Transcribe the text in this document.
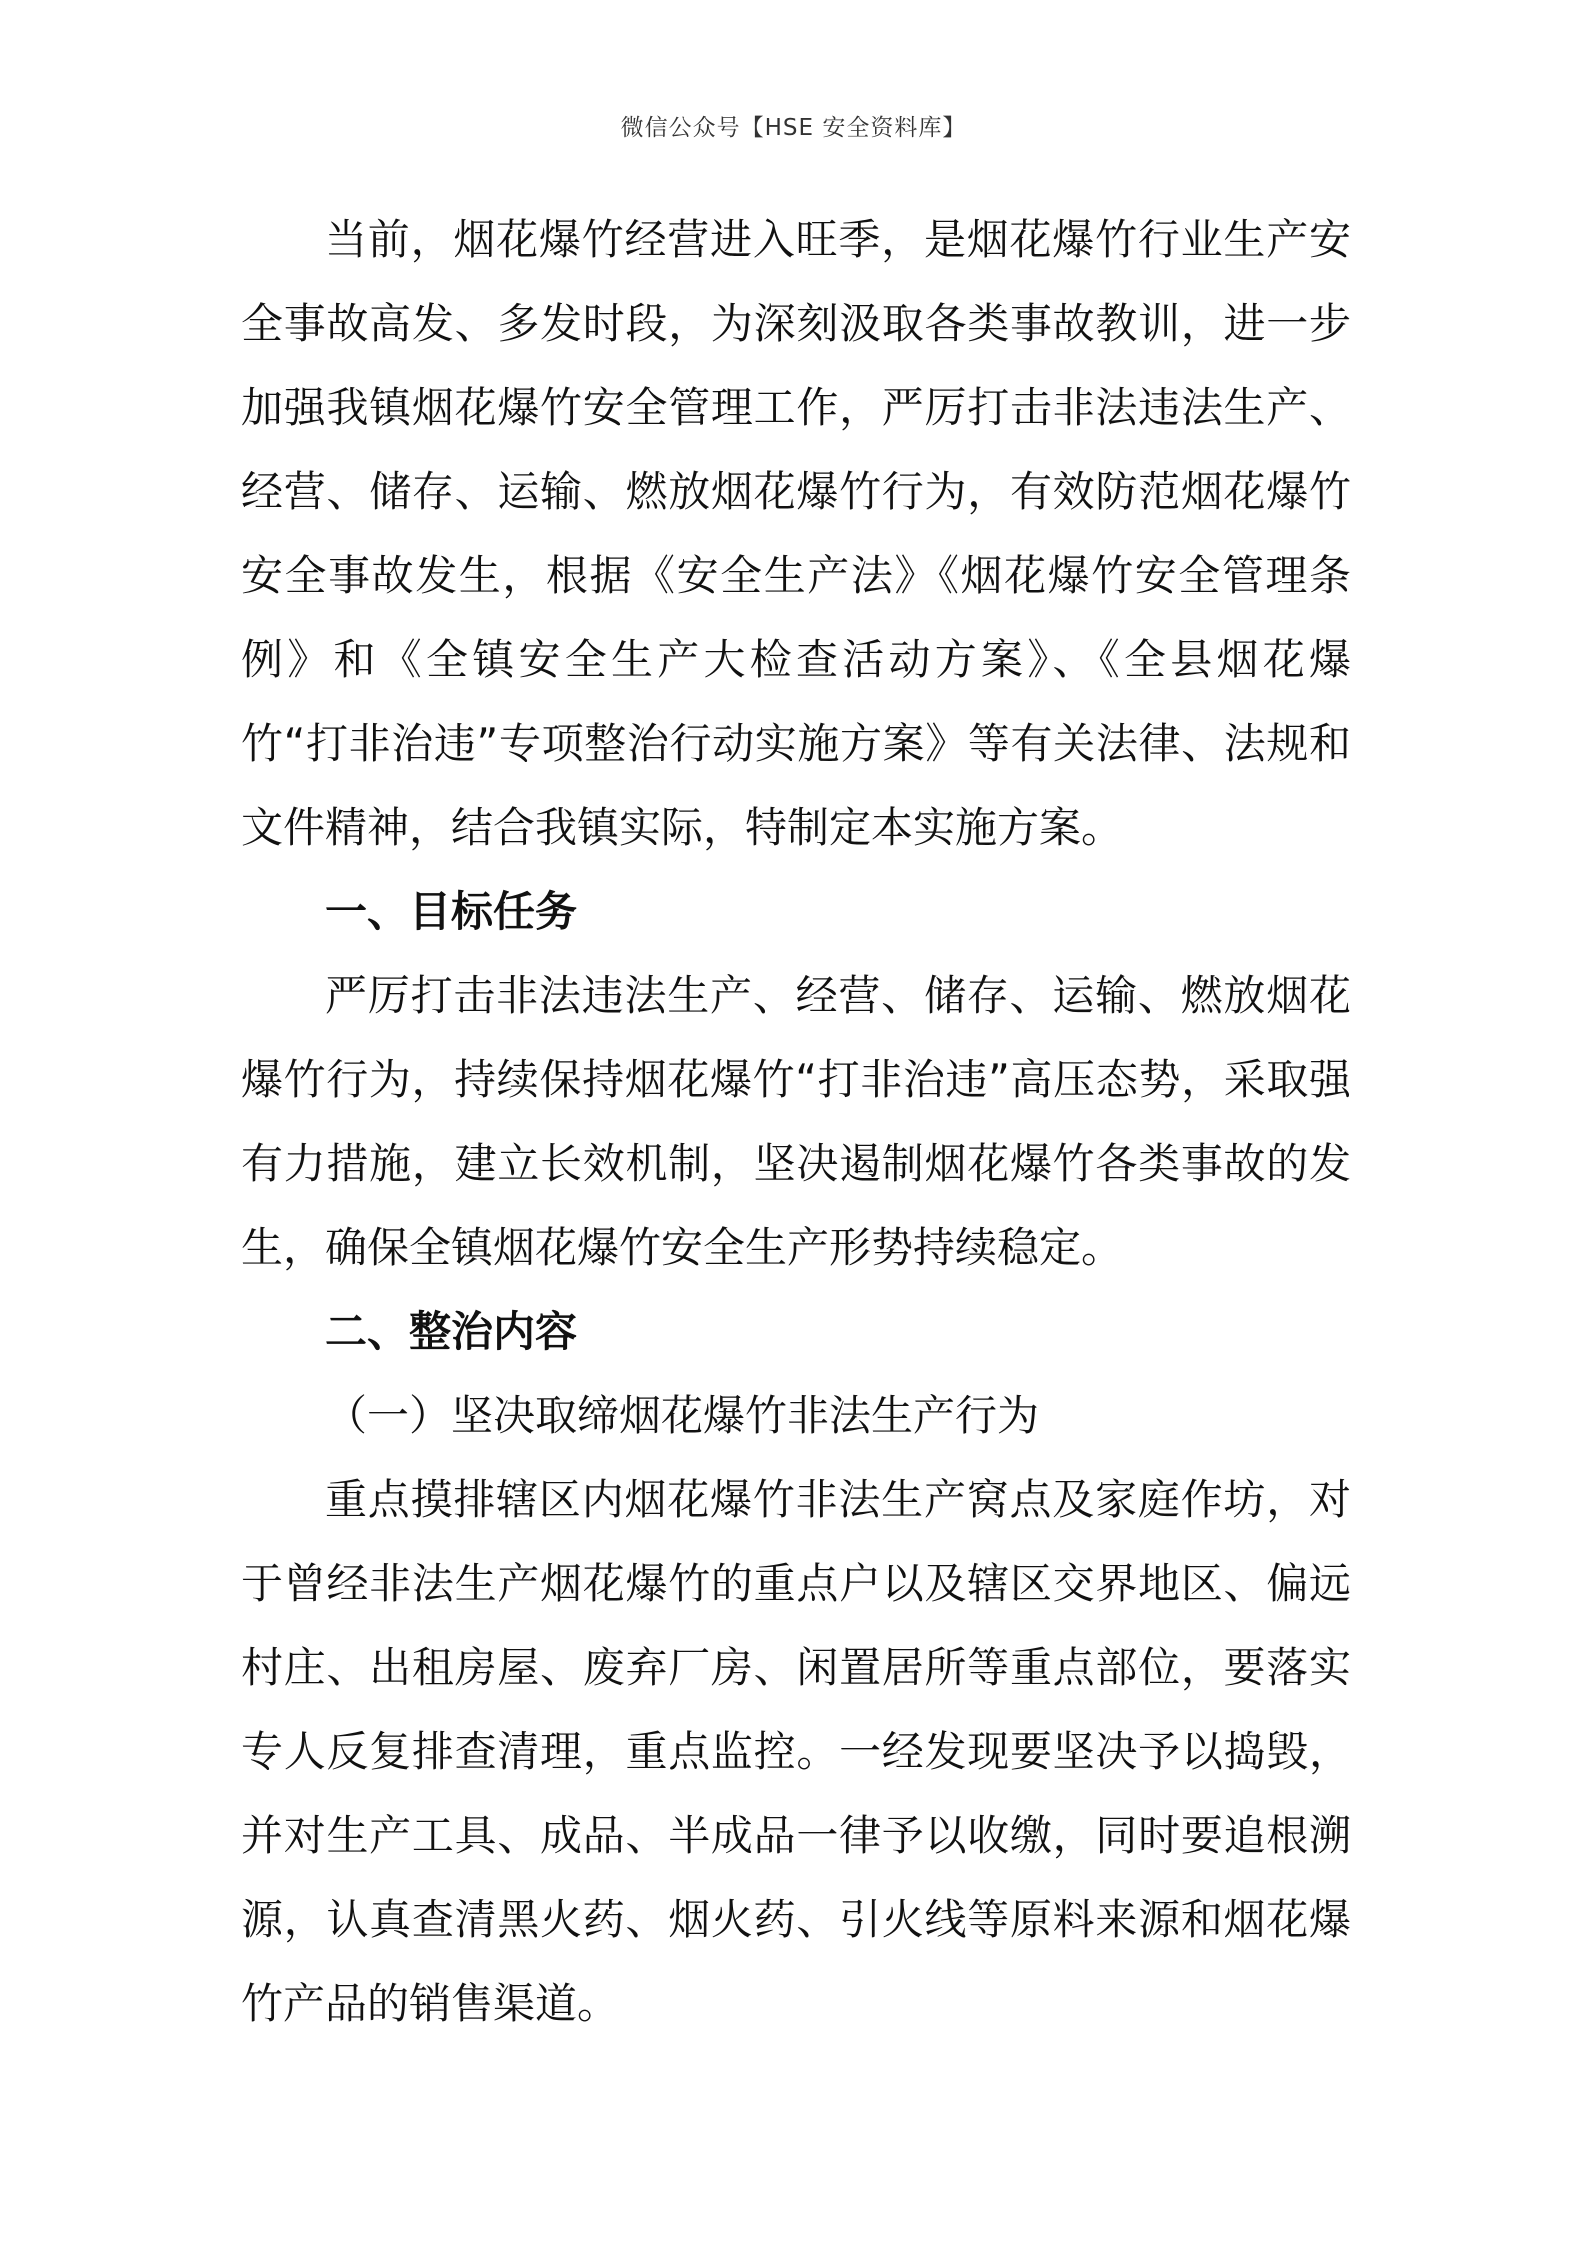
微信公众号【HSE 安全资料库】

当前，烟花爆竹经营进入旺季，是烟花爆竹行业生产安全事故高发、多发时段，为深刻汲取各类事故教训，进一步加强我镇烟花爆竹安全管理工作，严厉打击非法违法生产、经营、储存、运输、燃放烟花爆竹行为，有效防范烟花爆竹安全事故发生，根据《安全生产法》《烟花爆竹安全管理条例》和《全镇安全生产大检查活动方案》、《全县烟花爆竹“打非治违”专项整治行动实施方案》等有关法律、法规和文件精神，结合我镇实际，特制定本实施方案。

一、目标任务

严厉打击非法违法生产、经营、储存、运输、燃放烟花爆竹行为，持续保持烟花爆竹“打非治违”高压态势，采取强有力措施，建立长效机制，坚决遏制烟花爆竹各类事故的发生，确保全镇烟花爆竹安全生产形势持续稳定。

二、整治内容

（一）坚决取缔烟花爆竹非法生产行为

重点摸排辖区内烟花爆竹非法生产窝点及家庭作坊，对于曾经非法生产烟花爆竹的重点户以及辖区交界地区、偏远村庄、出租房屋、废弃厂房、闲置居所等重点部位，要落实专人反复排查清理，重点监控。一经发现要坚决予以捣毁，并对生产工具、成品、半成品一律予以收缴，同时要追根溯源，认真查清黑火药、烟火药、引火线等原料来源和烟花爆竹产品的销售渠道。
